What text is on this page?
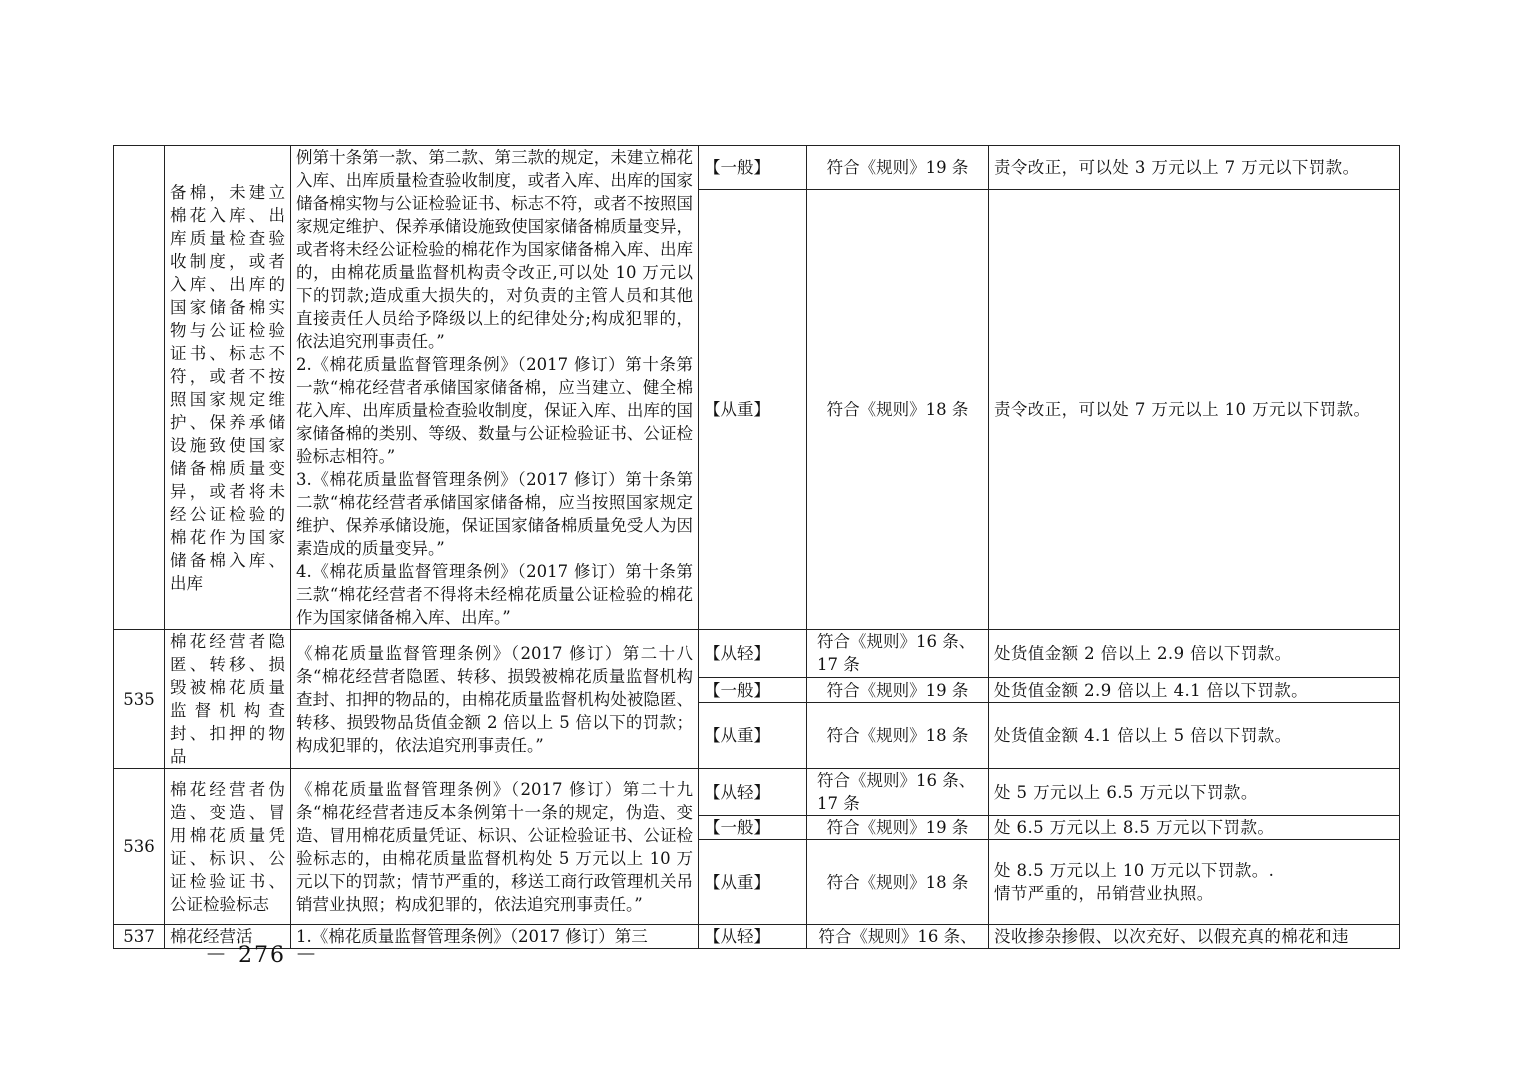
	备棉，未建立棉花入库、出库质量检查验收制度，或者入库、出库的国家储备棉实物与公证检验证书、标志不符，或者不按照国家规定维护、保养承储设施致使国家储备棉质量变异，或者将未经公证检验的棉花作为国家储备棉入库、出库	例第十条第一款、第二款、第三款的规定，未建立棉花入库、出库质量检查验收制度，或者入库、出库的国家储备棉实物与公证检验证书、标志不符，或者不按照国家规定维护、保养承储设施致使国家储备棉质量变异，或者将未经公证检验的棉花作为国家储备棉入库、出库的，由棉花质量监督机构责令改正,可以处 10 万元以下的罚款;造成重大损失的，对负责的主管人员和其他直接责任人员给予降级以上的纪律处分;构成犯罪的，依法追究刑事责任。”
2.《棉花质量监督管理条例》（2017 修订）第十条第一款“棉花经营者承储国家储备棉，应当建立、健全棉花入库、出库质量检查验收制度，保证入库、出库的国家储备棉的类别、等级、数量与公证检验证书、公证检验标志相符。”
3.《棉花质量监督管理条例》（2017 修订）第十条第二款“棉花经营者承储国家储备棉，应当按照国家规定维护、保养承储设施，保证国家储备棉质量免受人为因素造成的质量变异。”
4.《棉花质量监督管理条例》（2017 修订）第十条第三款“棉花经营者不得将未经棉花质量公证检验的棉花作为国家储备棉入库、出库。”	【一般】	符合《规则》19 条	责令改正，可以处 3 万元以上 7 万元以下罚款。
			【从重】	符合《规则》18 条	责令改正，可以处 7 万元以上 10 万元以下罚款。
535	棉花经营者隐匿、转移、损毁被棉花质量监督机构查封、扣押的物品	《棉花质量监督管理条例》（2017 修订）第二十八条“棉花经营者隐匿、转移、损毁被棉花质量监督机构查封、扣押的物品的，由棉花质量监督机构处被隐匿、转移、损毁物品货值金额 2 倍以上 5 倍以下的罚款；构成犯罪的，依法追究刑事责任。”	【从轻】	符合《规则》16 条、17 条	处货值金额 2 倍以上 2.9 倍以下罚款。
			【一般】	符合《规则》19 条	处货值金额 2.9 倍以上 4.1 倍以下罚款。
			【从重】	符合《规则》18 条	处货值金额 4.1 倍以上 5 倍以下罚款。
536	棉花经营者伪造、变造、冒用棉花质量凭证、标识、公证检验证书、公证检验标志	《棉花质量监督管理条例》（2017 修订）第二十九条“棉花经营者违反本条例第十一条的规定，伪造、变造、冒用棉花质量凭证、标识、公证检验证书、公证检验标志的，由棉花质量监督机构处 5 万元以上 10 万元以下的罚款；情节严重的，移送工商行政管理机关吊销营业执照；构成犯罪的，依法追究刑事责任。”	【从轻】	符合《规则》16 条、17 条	处 5 万元以上 6.5 万元以下罚款。
			【一般】	符合《规则》19 条	处 6.5 万元以上 8.5 万元以下罚款。
			【从重】	符合《规则》18 条	处 8.5 万元以上 10 万元以下罚款。.
情节严重的，吊销营业执照。
537	棉花经营活	1.《棉花质量监督管理条例》（2017 修订）第三	【从轻】	符合《规则》16 条、	没收掺杂掺假、以次充好、以假充真的棉花和违
－ 276 －
